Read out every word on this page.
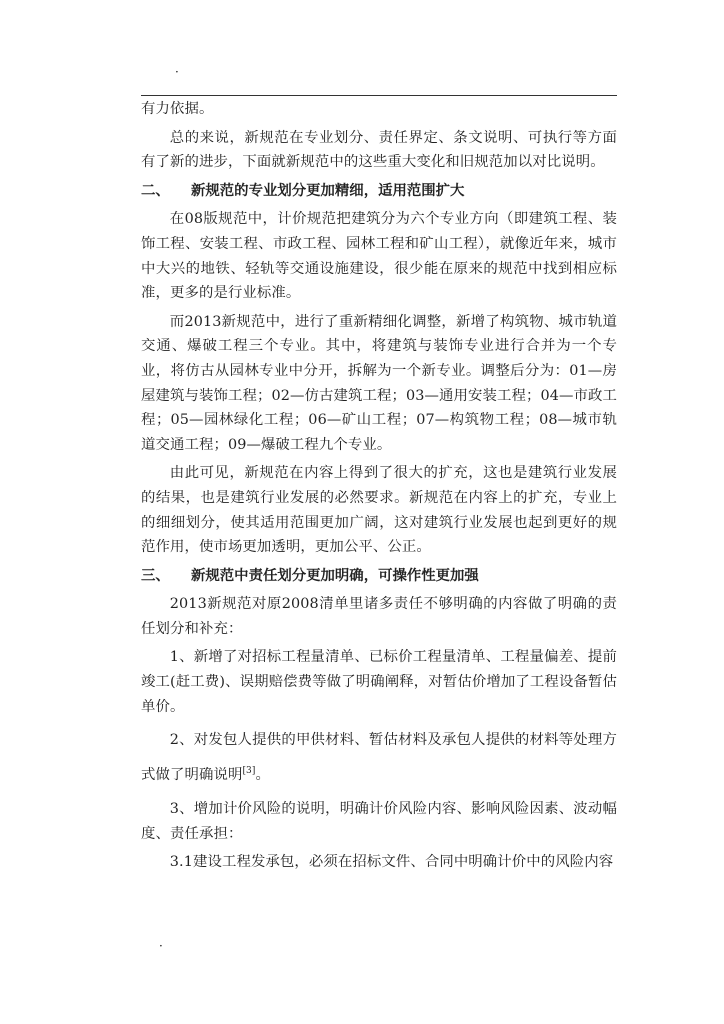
·

有力依据。

总的来说，新规范在专业划分、责任界定、条文说明、可执行等方面有了新的进步，下面就新规范中的这些重大变化和旧规范加以对比说明。

二、 新规范的专业划分更加精细，适用范围扩大

在08版规范中，计价规范把建筑分为六个专业方向（即建筑工程、装饰工程、安装工程、市政工程、园林工程和矿山工程），就像近年来，城市中大兴的地铁、轻轨等交通设施建设，很少能在原来的规范中找到相应标准，更多的是行业标准。

而2013新规范中，进行了重新精细化调整，新增了构筑物、城市轨道交通、爆破工程三个专业。其中，将建筑与装饰专业进行合并为一个专业，将仿古从园林专业中分开，拆解为一个新专业。调整后分为：01—房屋建筑与装饰工程；02—仿古建筑工程；03—通用安装工程；04—市政工程；05—园林绿化工程；06—矿山工程；07—构筑物工程；08—城市轨道交通工程；09—爆破工程九个专业。

由此可见，新规范在内容上得到了很大的扩充，这也是建筑行业发展的结果，也是建筑行业发展的必然要求。新规范在内容上的扩充，专业上的细细划分，使其适用范围更加广阔，这对建筑行业发展也起到更好的规范作用，使市场更加透明，更加公平、公正。

三、 新规范中责任划分更加明确，可操作性更加强

2013新规范对原2008清单里诸多责任不够明确的内容做了明确的责任划分和补充：

1、新增了对招标工程量清单、已标价工程量清单、工程量偏差、提前竣工(赶工费)、误期赔偿费等做了明确阐释，对暂估价增加了工程设备暂估单价。

2、对发包人提供的甲供材料、暂估材料及承包人提供的材料等处理方式做了明确说明[3]。

3、增加计价风险的说明，明确计价风险内容、影响风险因素、波动幅度、责任承担：

3.1建设工程发承包，必须在招标文件、合同中明确计价中的风险内容

·
